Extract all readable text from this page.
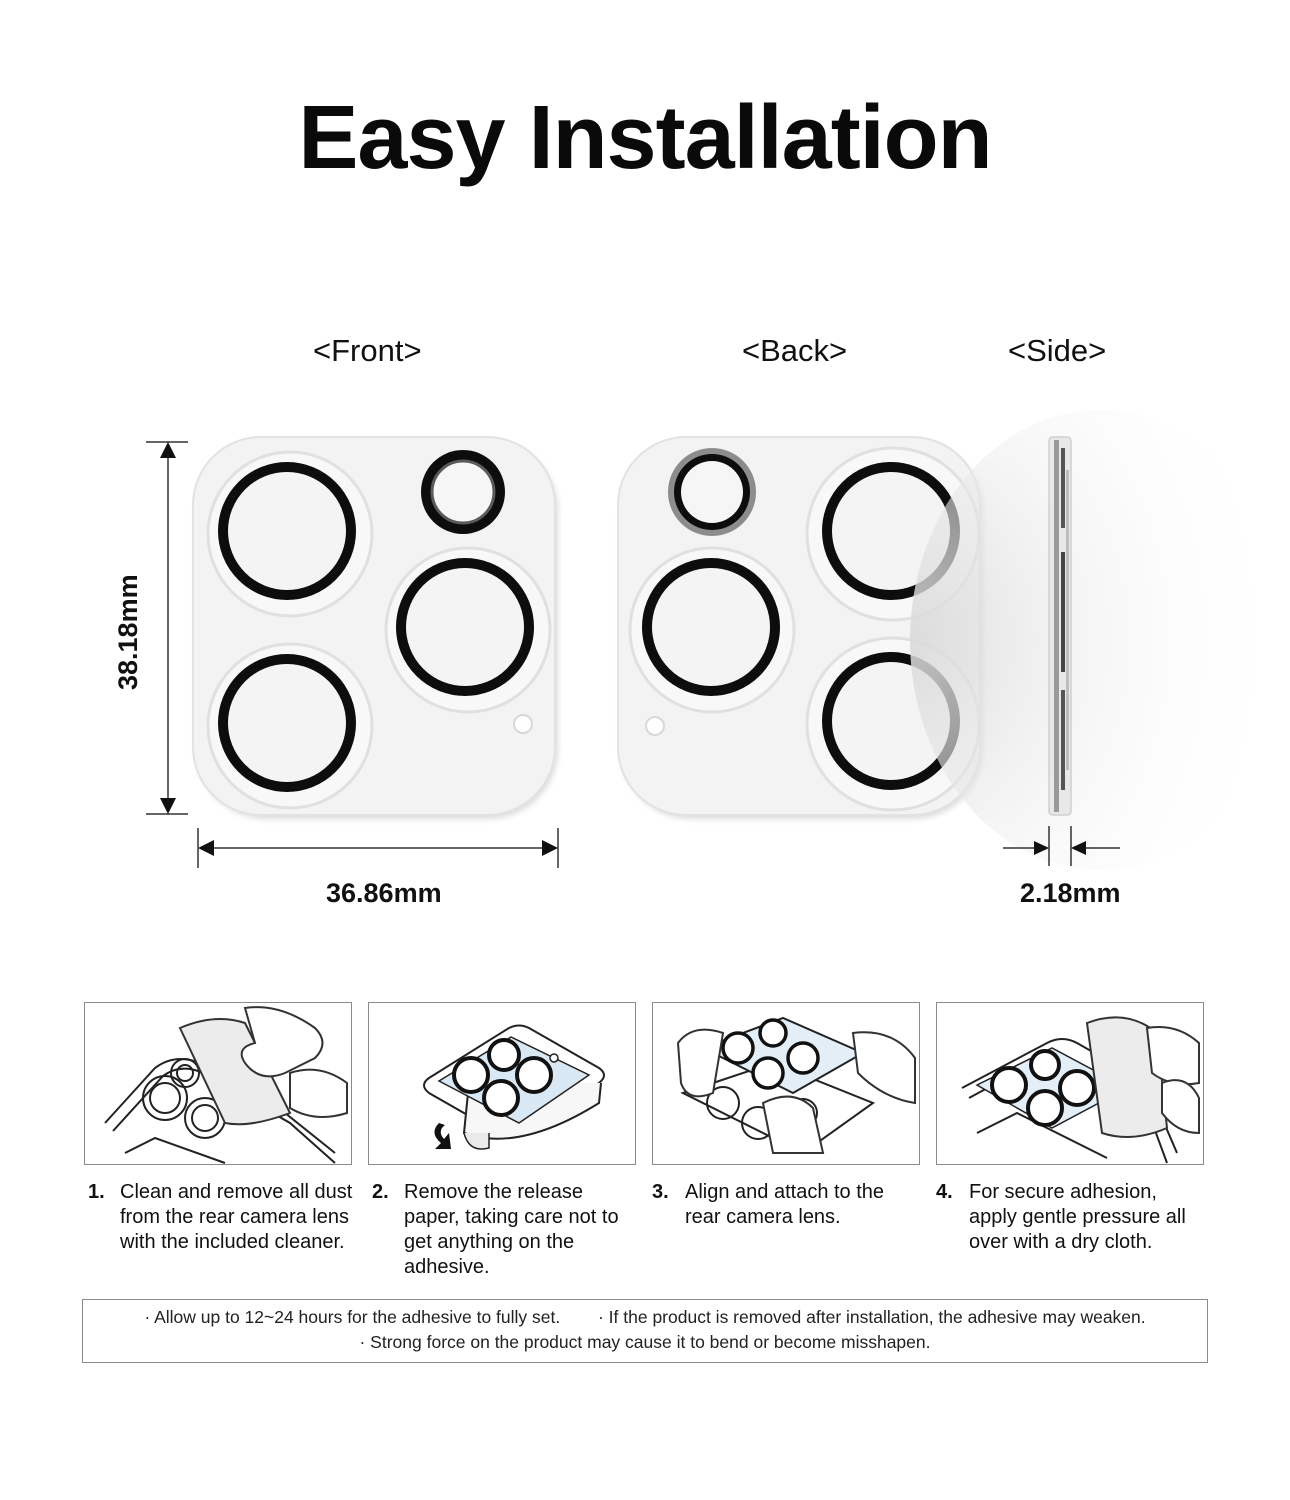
Easy Installation
<Front>	<Back>	<Side>
38.18mm
36.86mm	2.18mm
1. Clean and remove all dust from the rear camera lens with the included cleaner.
2. Remove the release paper, taking care not to get anything on the adhesive.
3. Align and attach to the rear camera lens.
4. For secure adhesion, apply gentle pressure all over with a dry cloth.
· Allow up to 12~24 hours for the adhesive to fully set. · If the product is removed after installation, the adhesive may weaken.
· Strong force on the product may cause it to bend or become misshapen.
